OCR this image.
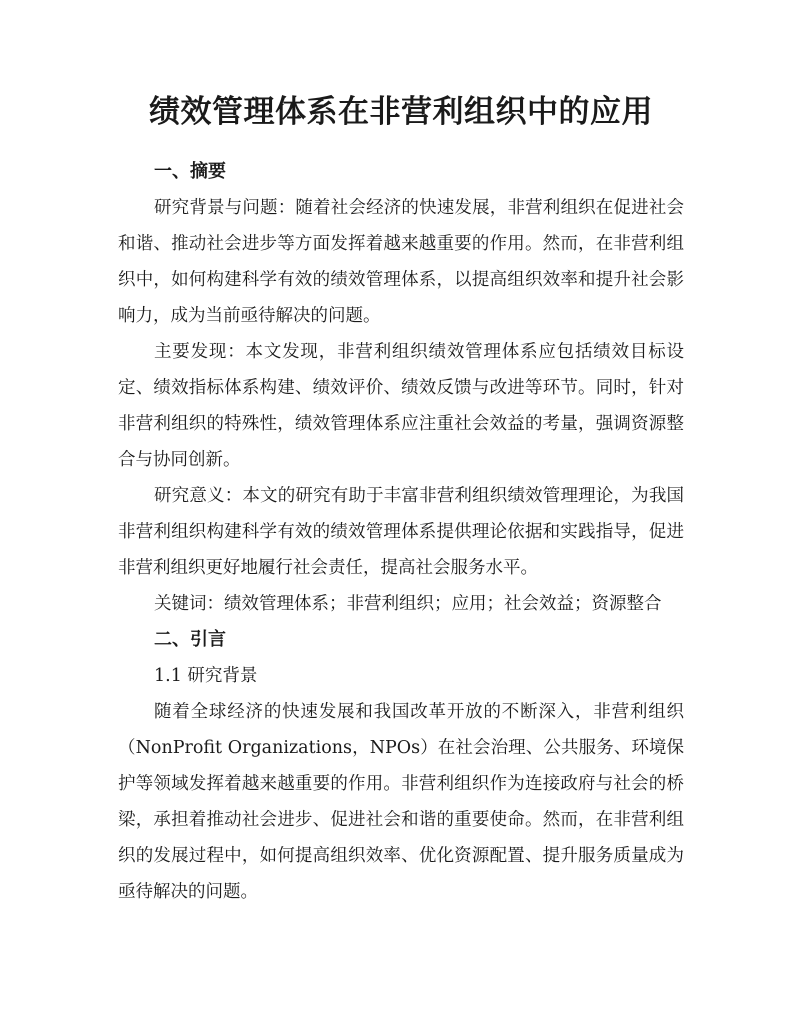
绩效管理体系在非营利组织中的应用
一、摘要

研究背景与问题：随着社会经济的快速发展，非营利组织在促进社会和谐、推动社会进步等方面发挥着越来越重要的作用。然而，在非营利组织中，如何构建科学有效的绩效管理体系，以提高组织效率和提升社会影响力，成为当前亟待解决的问题。

主要发现：本文发现，非营利组织绩效管理体系应包括绩效目标设定、绩效指标体系构建、绩效评价、绩效反馈与改进等环节。同时，针对非营利组织的特殊性，绩效管理体系应注重社会效益的考量，强调资源整合与协同创新。

研究意义：本文的研究有助于丰富非营利组织绩效管理理论，为我国非营利组织构建科学有效的绩效管理体系提供理论依据和实践指导，促进非营利组织更好地履行社会责任，提高社会服务水平。

关键词：绩效管理体系；非营利组织；应用；社会效益；资源整合

二、引言

1.1 研究背景

随着全球经济的快速发展和我国改革开放的不断深入，非营利组织（NonProfit Organizations，NPOs）在社会治理、公共服务、环境保护等领域发挥着越来越重要的作用。非营利组织作为连接政府与社会的桥梁，承担着推动社会进步、促进社会和谐的重要使命。然而，在非营利组织的发展过程中，如何提高组织效率、优化资源配置、提升服务质量成为亟待解决的问题。
